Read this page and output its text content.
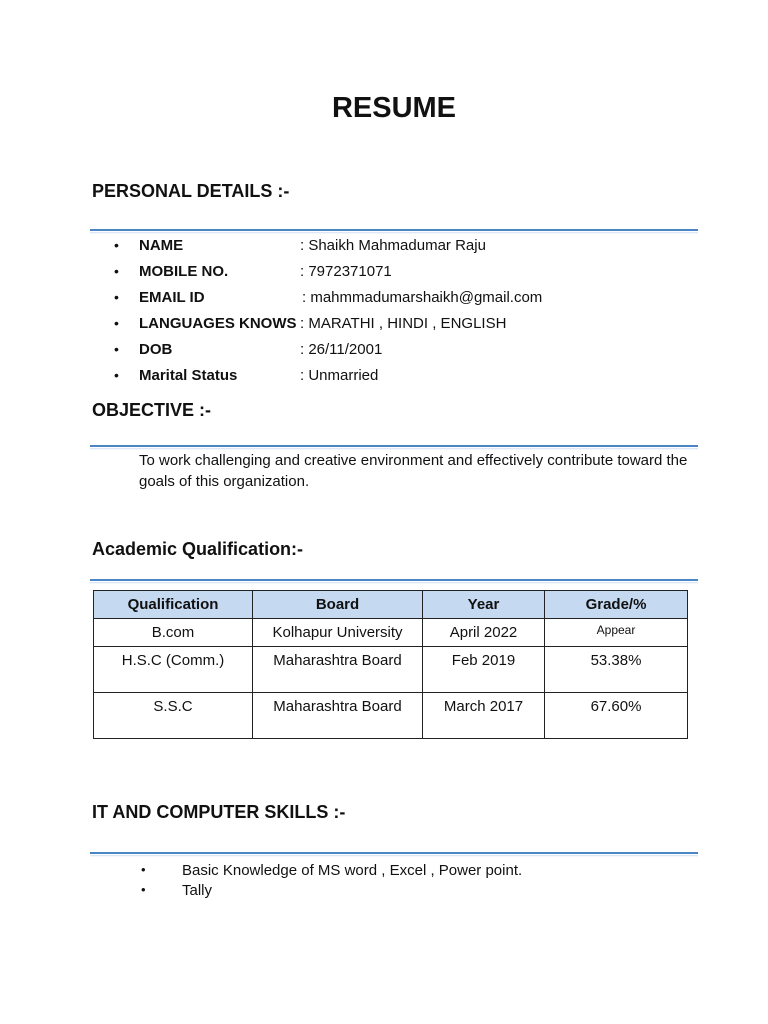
RESUME
PERSONAL DETAILS :-
• NAME	: Shaikh Mahmadumar Raju
• MOBILE NO.	: 7972371071
• EMAIL ID	: mahmmadumarshaikh@gmail.com
• LANGUAGES KNOWS : MARATHI , HINDI , ENGLISH
• DOB	: 26/11/2001
• Marital Status	: Unmarried
OBJECTIVE :-
To work challenging and creative environment and effectively contribute toward the goals of this organization.
Academic Qualification:-
Qualification	Board	Year	Grade/%
B.com	Kolhapur University	April 2022	Appear
H.S.C (Comm.)	Maharashtra Board	Feb 2019	53.38%
S.S.C	Maharashtra Board	March 2017	67.60%
IT AND COMPUTER SKILLS :-
• Basic Knowledge of MS word , Excel , Power point.
• Tally
